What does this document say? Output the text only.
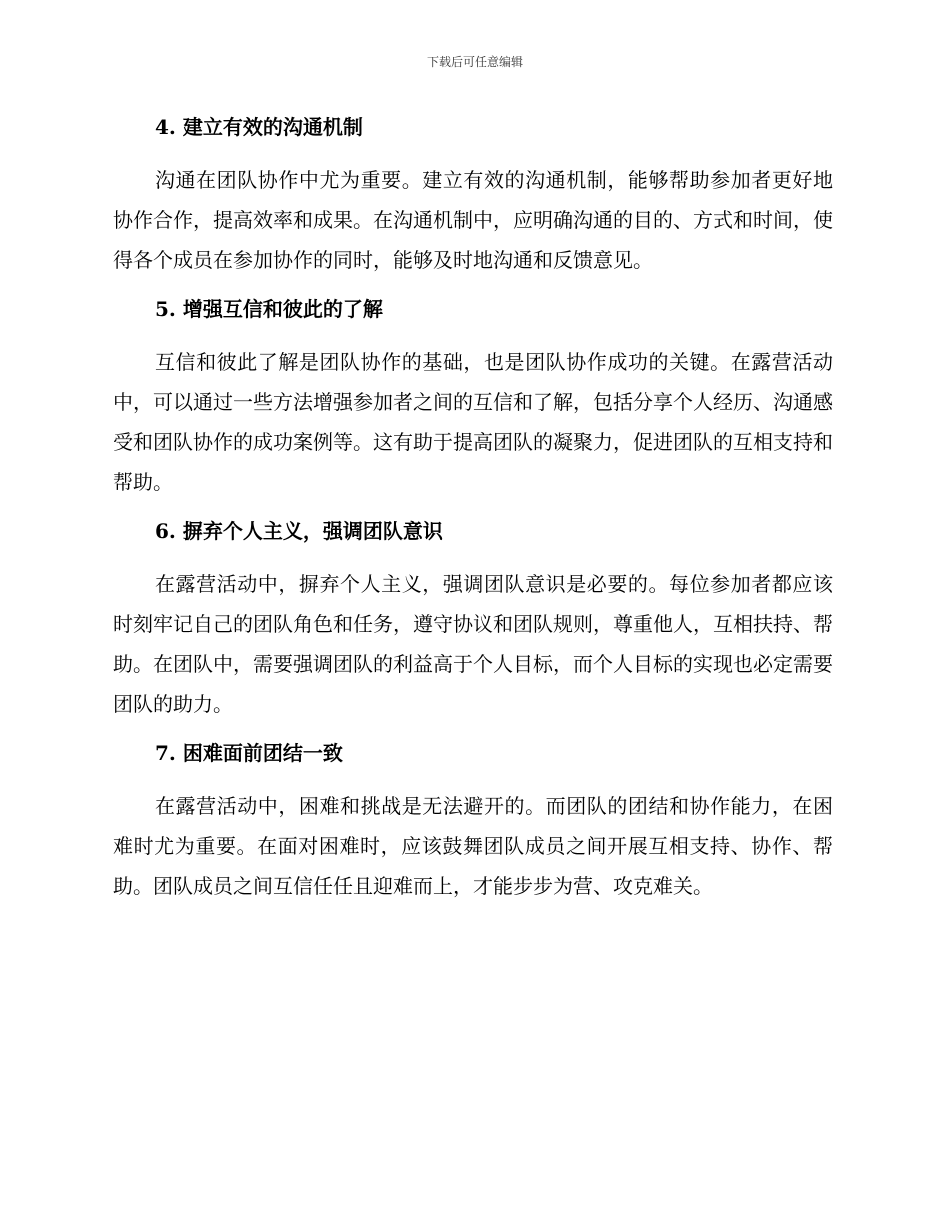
下载后可任意编辑
4. 建立有效的沟通机制

沟通在团队协作中尤为重要。建立有效的沟通机制，能够帮助参加者更好地协作合作，提高效率和成果。在沟通机制中，应明确沟通的目的、方式和时间，使得各个成员在参加协作的同时，能够及时地沟通和反馈意见。

5. 增强互信和彼此的了解

互信和彼此了解是团队协作的基础，也是团队协作成功的关键。在露营活动中，可以通过一些方法增强参加者之间的互信和了解，包括分享个人经历、沟通感受和团队协作的成功案例等。这有助于提高团队的凝聚力，促进团队的互相支持和帮助。

6. 摒弃个人主义，强调团队意识

在露营活动中，摒弃个人主义，强调团队意识是必要的。每位参加者都应该时刻牢记自己的团队角色和任务，遵守协议和团队规则，尊重他人，互相扶持、帮助。在团队中，需要强调团队的利益高于个人目标，而个人目标的实现也必定需要团队的助力。

7. 困难面前团结一致

在露营活动中，困难和挑战是无法避开的。而团队的团结和协作能力，在困难时尤为重要。在面对困难时，应该鼓舞团队成员之间开展互相支持、协作、帮助。团队成员之间互信任任且迎难而上，才能步步为营、攻克难关。
